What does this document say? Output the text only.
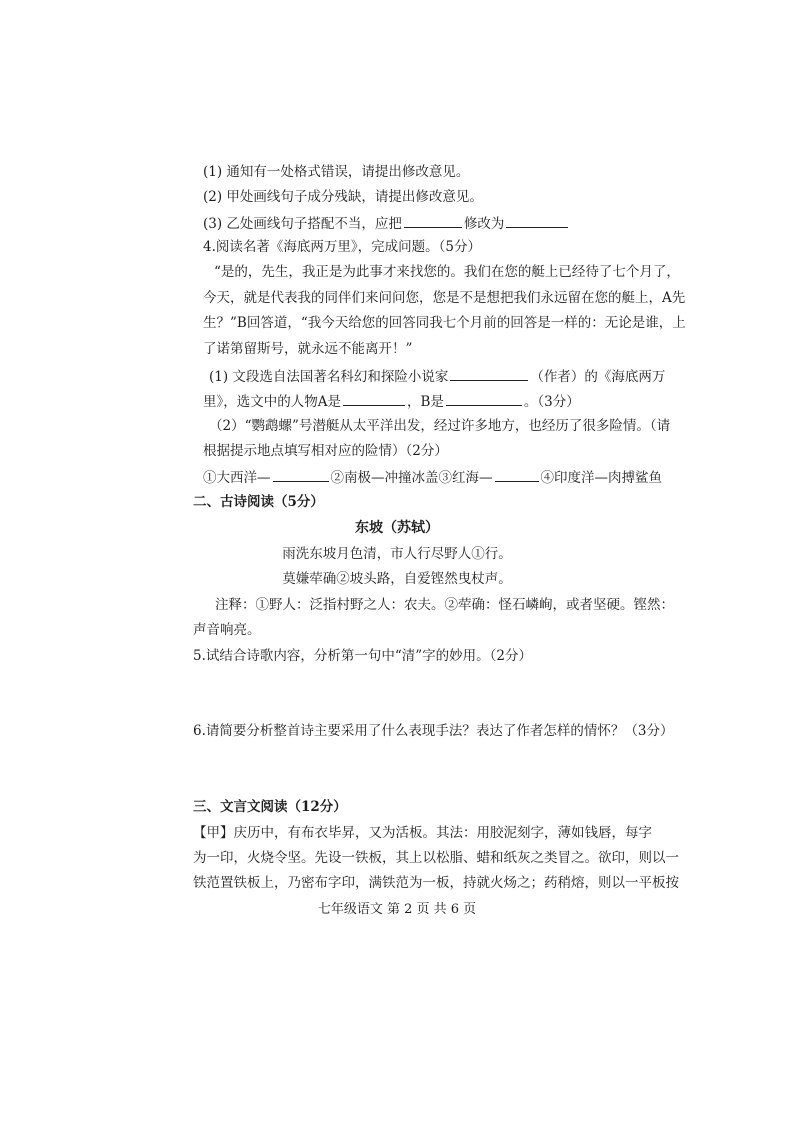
(1) 通知有一处格式错误，请提出修改意见。
(2) 甲处画线句子成分残缺，请提出修改意见。
(3) 乙处画线句子搭配不当，应把	修改为
4.阅读名著《海底两万里》，完成问题。（5分）
“是的，先生，我正是为此事才来找您的。我们在您的艇上已经待了七个月了，
今天，就是代表我的同伴们来问问您，您是不是想把我们永远留在您的艇上，A先
生？”B回答道，“我今天给您的回答同我七个月前的回答是一样的：无论是谁，上
了诺第留斯号，就永远不能离开！”
(1) 文段选自法国著名科幻和探险小说家	（作者）的《海底两万
里》，选文中的人物A是	，B是	。（3分）
（2）“鹦鹉螺”号潜艇从太平洋出发，经过许多地方，也经历了很多险情。（请
根据提示地点填写相对应的险情）（2分）
①大西洋—	②南极—冲撞冰盖③红海—	④印度洋—肉搏鲨鱼
二、古诗阅读（5分）
东坡（苏轼）
雨洗东坡月色清，市人行尽野人①行。
莫嫌荦确②坡头路，自爱铿然曳杖声。
注释：①野人：泛指村野之人：农夫。②荦确：怪石嶙峋，或者坚硬。铿然：
声音响亮。
5.试结合诗歌内容，分析第一句中“清”字的妙用。（2分）
6.请简要分析整首诗主要采用了什么表现手法？表达了作者怎样的情怀？（3分）
三、文言文阅读（12分）
【甲】庆历中，有布衣毕昇，又为活板。其法：用胶泥刻字，薄如钱唇，每字
为一印，火烧令坚。先设一铁板，其上以松脂、蜡和纸灰之类冒之。欲印，则以一
铁范置铁板上，乃密布字印，满铁范为一板，持就火炀之；药稍熔，则以一平板按
七年级语文 第 2 页 共 6 页
